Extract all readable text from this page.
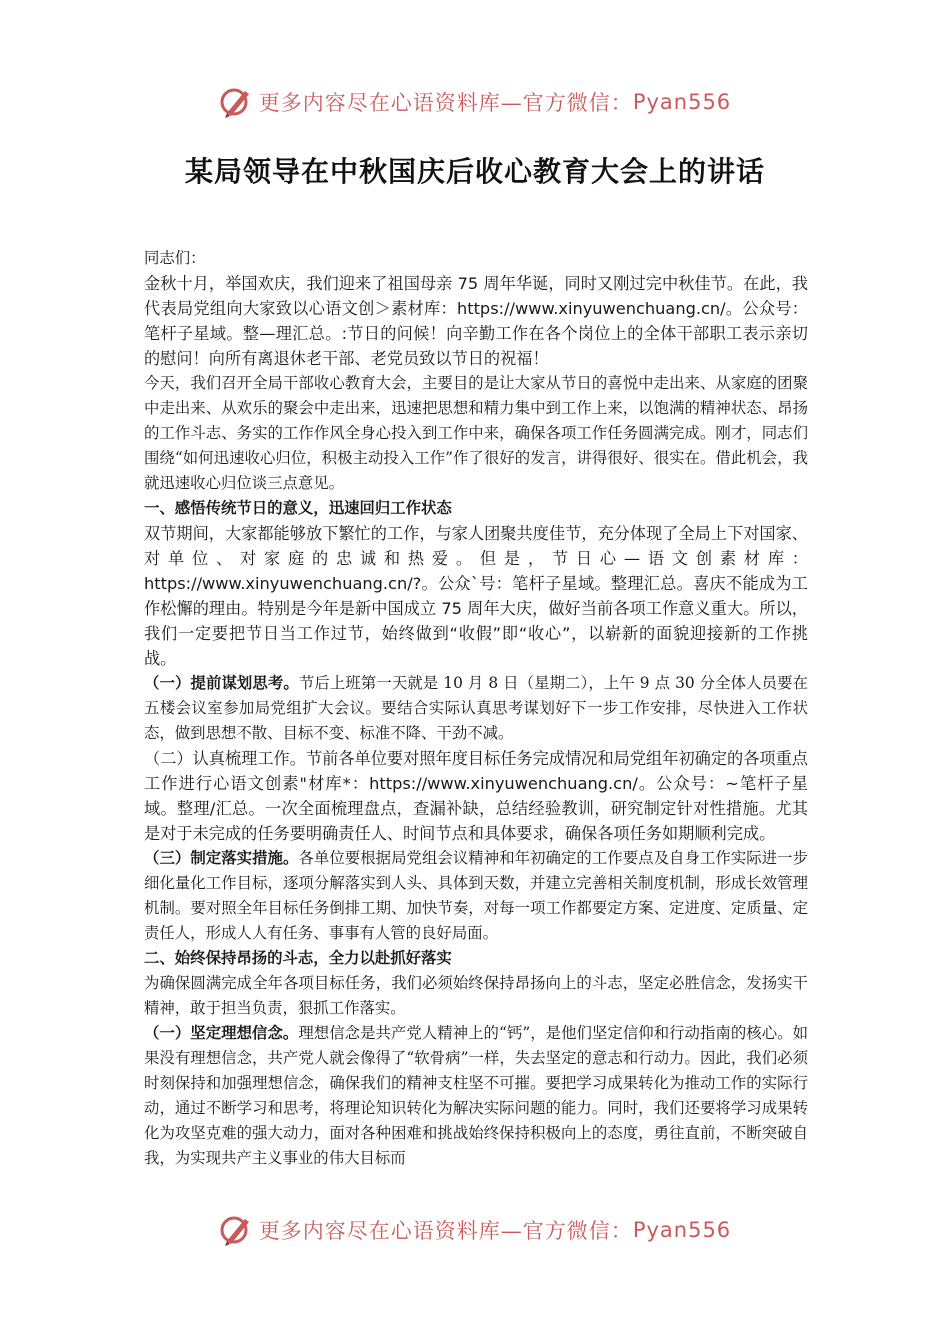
更多内容尽在心语资料库—官方微信： Pyan556
某局领导在中秋国庆后收心教育大会上的讲话

同志们：

金秋十月，举国欢庆，我们迎来了祖国母亲 75 周年华诞，同时又刚过完中秋佳节。在此，我代表局党组向大家致以心语文创＞素材库：https://www.xinyuwenchuang.cn/。公众号：笔杆子星域。整—理汇总。:节日的问候！向辛勤工作在各个岗位上的全体干部职工表示亲切的慰问！向所有离退休老干部、老党员致以节日的祝福！

今天，我们召开全局干部收心教育大会，主要目的是让大家从节日的喜悦中走出来、从家庭的团聚中走出来、从欢乐的聚会中走出来，迅速把思想和精力集中到工作上来，以饱满的精神状态、昂扬的工作斗志、务实的工作作风全身心投入到工作中来，确保各项工作任务圆满完成。刚才，同志们围绕“如何迅速收心归位，积极主动投入工作”作了很好的发言，讲得很好、很实在。借此机会，我就迅速收心归位谈三点意见。

一、感悟传统节日的意义，迅速回归工作状态

双节期间，大家都能够放下繁忙的工作，与家人团聚共度佳节，充分体现了全局上下对国家、对单位、对家庭的忠诚和热爱。但是，节日心—语文创素材库：https://www.xinyuwenchuang.cn/?。公众`号：笔杆子星域。整理汇总。喜庆不能成为工作松懈的理由。特别是今年是新中国成立 75 周年大庆，做好当前各项工作意义重大。所以，我们一定要把节日当工作过节，始终做到“收假”即“收心”，以崭新的面貌迎接新的工作挑战。

（一）提前谋划思考。节后上班第一天就是 10 月 8 日（星期二），上午 9 点 30 分全体人员要在五楼会议室参加局党组扩大会议。要结合实际认真思考谋划好下一步工作安排，尽快进入工作状态，做到思想不散、目标不变、标准不降、干劲不减。

（二）认真梳理工作。节前各单位要对照年度目标任务完成情况和局党组年初确定的各项重点工作进行心语文创素"材库*：https://www.xinyuwenchuang.cn/。公众号：~笔杆子星域。整理/汇总。一次全面梳理盘点，查漏补缺，总结经验教训，研究制定针对性措施。尤其是对于未完成的任务要明确责任人、时间节点和具体要求，确保各项任务如期顺利完成。

（三）制定落实措施。各单位要根据局党组会议精神和年初确定的工作要点及自身工作实际进一步细化量化工作目标，逐项分解落实到人头、具体到天数，并建立完善相关制度机制，形成长效管理机制。要对照全年目标任务倒排工期、加快节奏，对每一项工作都要定方案、定进度、定质量、定责任人，形成人人有任务、事事有人管的良好局面。

二、始终保持昂扬的斗志，全力以赴抓好落实

为确保圆满完成全年各项目标任务，我们必须始终保持昂扬向上的斗志，坚定必胜信念，发扬实干精神，敢于担当负责，狠抓工作落实。

（一）坚定理想信念。理想信念是共产党人精神上的“钙”，是他们坚定信仰和行动指南的核心。如果没有理想信念，共产党人就会像得了“软骨病”一样，失去坚定的意志和行动力。因此，我们必须时刻保持和加强理想信念，确保我们的精神支柱坚不可摧。要把学习成果转化为推动工作的实际行动，通过不断学习和思考，将理论知识转化为解决实际问题的能力。同时，我们还要将学习成果转化为攻坚克难的强大动力，面对各种困难和挑战始终保持积极向上的态度，勇往直前，不断突破自我，为实现共产主义事业的伟大目标而

更多内容尽在心语资料库—官方微信： Pyan556
